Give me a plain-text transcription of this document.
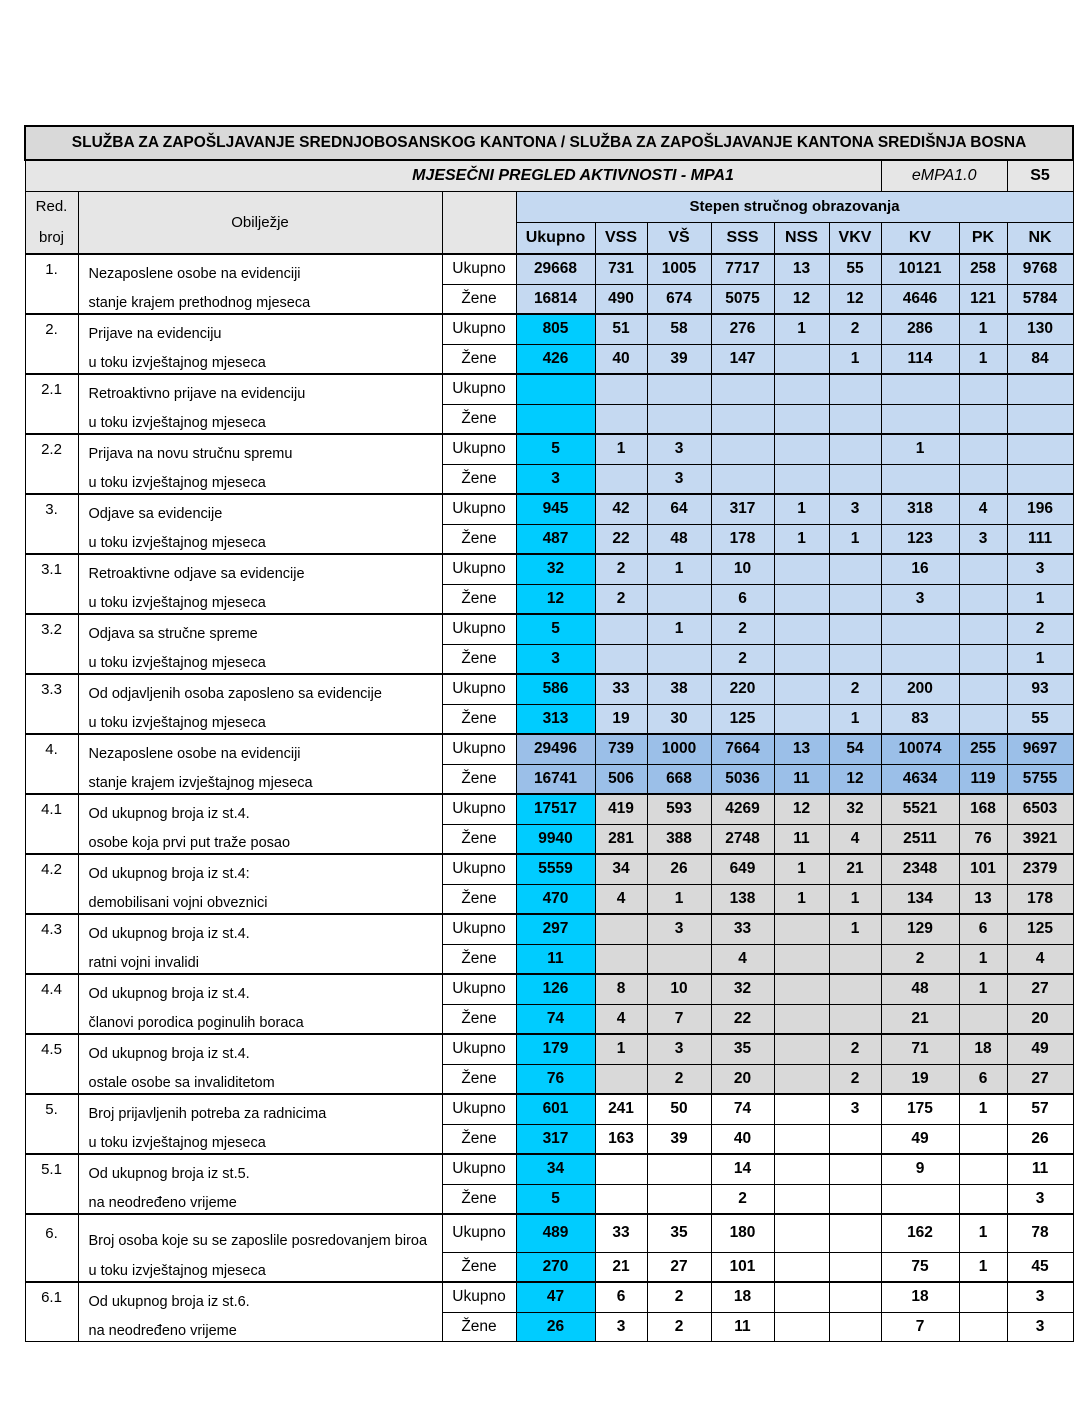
SLUŽBA ZA ZAPOŠLJAVANJE SREDNJOBOSANSKOG KANTONA / SLUŽBA ZA ZAPOŠLJAVANJE KANTONA SREDIŠNJA BOSNA											
MJESEČNI PREGLED AKTIVNOSTI - MPA1									eMPA1.0		S5
Red.	Obilježje		Stepen stručnog obrazovanja								
broj			Ukupno	VSS	VŠ	SSS	NSS	VKV	KV	PK	NK
1.	Nezaposlene osobe na evidenciji	Ukupno	29668	731	1005	7717	13	55	10121	258	9768
	stanje krajem prethodnog mjeseca	Žene	16814	490	674	5075	12	12	4646	121	5784
2.	Prijave na evidenciju	Ukupno	805	51	58	276	1	2	286	1	130
	u toku izvještajnog mjeseca	Žene	426	40	39	147		1	114	1	84
2.1	Retroaktivno prijave na evidenciju	Ukupno									
	u toku izvještajnog mjeseca	Žene									
2.2	Prijava na novu stručnu spremu	Ukupno	5	1	3				1		
	u toku izvještajnog mjeseca	Žene	3		3						
3.	Odjave sa evidencije	Ukupno	945	42	64	317	1	3	318	4	196
	u toku izvještajnog mjeseca	Žene	487	22	48	178	1	1	123	3	111
3.1	Retroaktivne odjave sa evidencije	Ukupno	32	2	1	10			16		3
	u toku izvještajnog mjeseca	Žene	12	2		6			3		1
3.2	Odjava sa stručne spreme	Ukupno	5		1	2					2
	u toku izvještajnog mjeseca	Žene	3			2					1
3.3	Od odjavljenih osoba zaposleno sa evidencije	Ukupno	586	33	38	220		2	200		93
	u toku izvještajnog mjeseca	Žene	313	19	30	125		1	83		55
4.	Nezaposlene osobe na evidenciji	Ukupno	29496	739	1000	7664	13	54	10074	255	9697
	stanje krajem izvještajnog mjeseca	Žene	16741	506	668	5036	11	12	4634	119	5755
4.1	Od ukupnog broja iz st.4.	Ukupno	17517	419	593	4269	12	32	5521	168	6503
	osobe koja prvi put traže posao	Žene	9940	281	388	2748	11	4	2511	76	3921
4.2	Od ukupnog broja iz st.4:	Ukupno	5559	34	26	649	1	21	2348	101	2379
	demobilisani vojni obveznici	Žene	470	4	1	138	1	1	134	13	178
4.3	Od ukupnog broja iz st.4.	Ukupno	297		3	33		1	129	6	125
	ratni vojni invalidi	Žene	11			4			2	1	4
4.4	Od ukupnog broja iz st.4.	Ukupno	126	8	10	32			48	1	27
	članovi porodica poginulih boraca	Žene	74	4	7	22			21		20
4.5	Od ukupnog broja iz st.4.	Ukupno	179	1	3	35		2	71	18	49
	ostale osobe sa invaliditetom	Žene	76		2	20		2	19	6	27
5.	Broj prijavljenih potreba za radnicima	Ukupno	601	241	50	74		3	175	1	57
	u toku izvještajnog mjeseca	Žene	317	163	39	40			49		26
5.1	Od ukupnog broja iz st.5.	Ukupno	34			14			9		11
	na neodređeno vrijeme	Žene	5			2					3
6.	Broj osoba koje su se zaposlile posredovanjem biroa	Ukupno	489	33	35	180			162	1	78
	u toku izvještajnog mjeseca	Žene	270	21	27	101			75	1	45
6.1	Od ukupnog broja iz st.6.	Ukupno	47	6	2	18			18		3
	na neodređeno vrijeme	Žene	26	3	2	11			7		3
